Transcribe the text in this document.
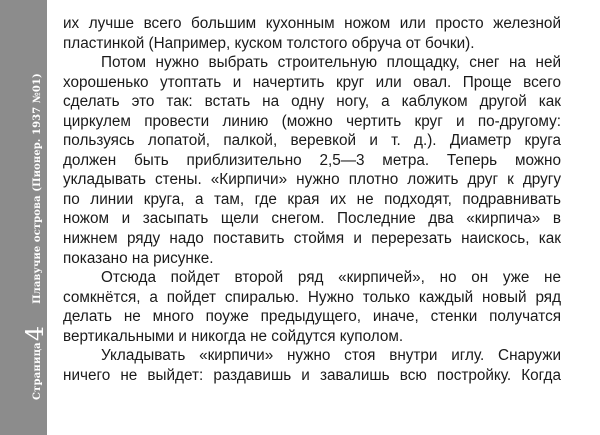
Страница4Плавучие острова (Пионер. 1937 №01)
их лучше всего большим кухонным ножом или просто железной
пластинкой (Например, куском толстого обруча от бочки).
Потом нужно выбрать строительную площадку, снег на ней
хорошенько утоптать и начертить круг или овал. Проще всего
сделать это так: встать на одну ногу, а каблуком другой как
циркулем провести линию (можно чертить круг и по-другому:
пользуясь лопатой, палкой, веревкой и т. д.). Диаметр круга
должен быть приблизительно 2,5—3 метра. Теперь можно
укладывать стены. «Кирпичи» нужно плотно ложить друг к другу
по линии круга, а там, где края их не подходят, подравнивать
ножом и засыпать щели снегом. Последние два «кирпича» в
нижнем ряду надо поставить стоймя и перерезать наискось, как
показано на рисунке.
Отсюда пойдет второй ряд «кирпичей», но он уже не
сомкнётся, а пойдет спиралью. Нужно только каждый новый ряд
делать не много поуже предыдущего, иначе, стенки получатся
вертикальными и никогда не сойдутся куполом.
Укладывать «кирпичи» нужно стоя внутри иглу. Снаружи
ничего не выйдет: раздавишь и завалишь всю постройку. Когда
